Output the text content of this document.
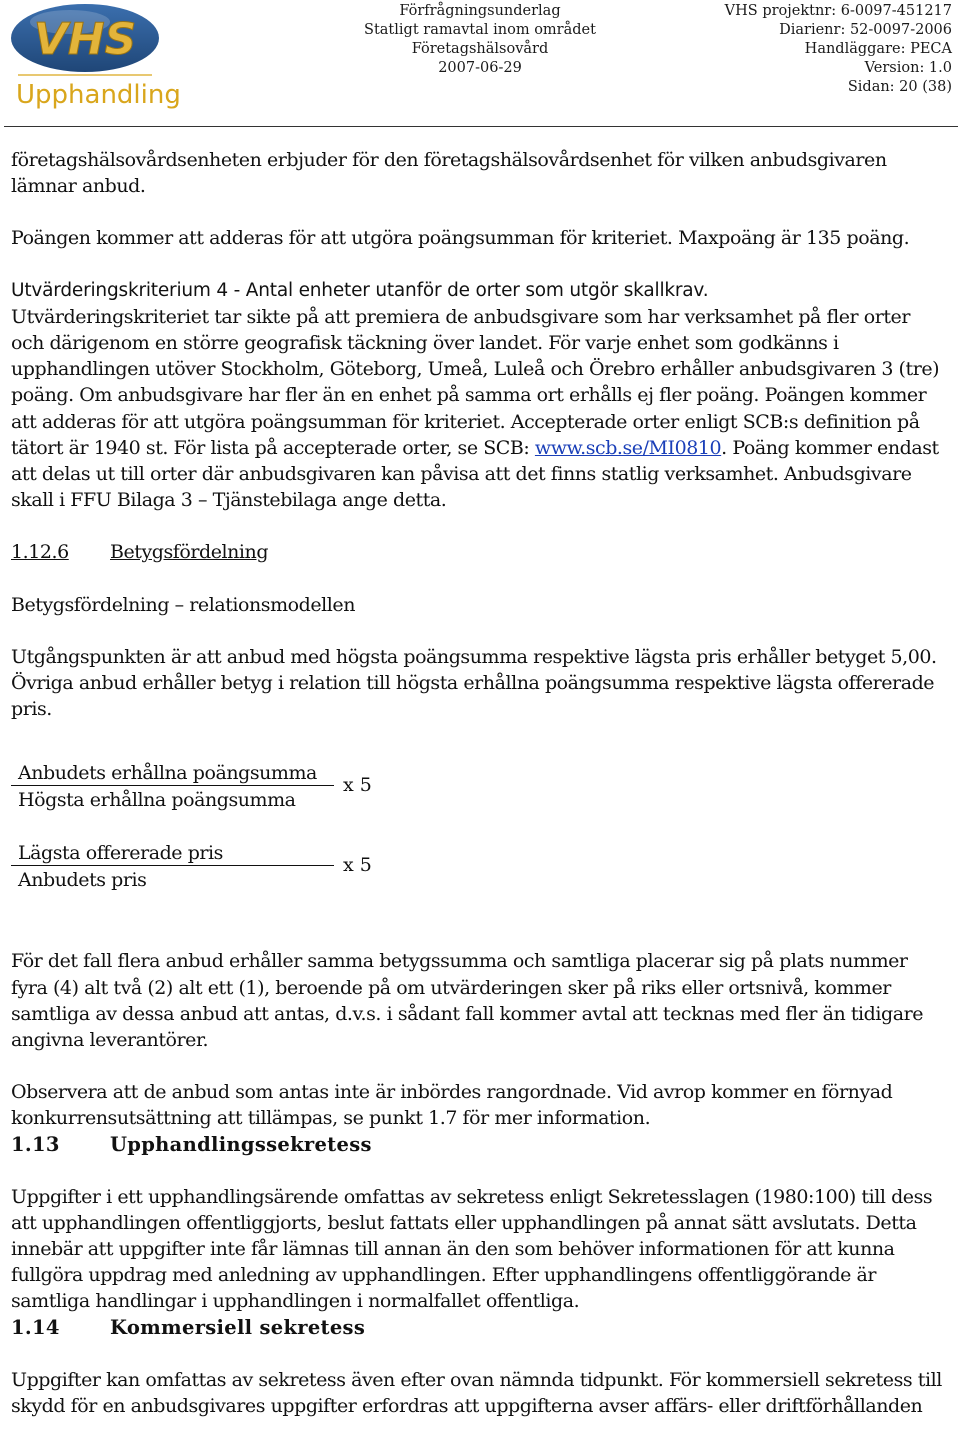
VHS
Upphandling
Förfrågningsunderlag
Statligt ramavtal inom området
Företagshälsovård
2007-06-29
VHS projektnr: 6-0097-451217
Diarienr: 52-0097-2006
Handläggare: PECA
Version: 1.0
Sidan: 20 (38)

företagshälsovårdsenheten erbjuder för den företagshälsovårdsenhet för vilken anbudsgivaren lämnar anbud.

Poängen kommer att adderas för att utgöra poängsumman för kriteriet. Maxpoäng är 135 poäng.

Utvärderingskriterium 4 - Antal enheter utanför de orter som utgör skallkrav.

Utvärderingskriteriet tar sikte på att premiera de anbudsgivare som har verksamhet på fler orter och därigenom en större geografisk täckning över landet. För varje enhet som godkänns i upphandlingen utöver Stockholm, Göteborg, Umeå, Luleå och Örebro erhåller anbudsgivaren 3 (tre) poäng. Om anbudsgivare har fler än en enhet på samma ort erhålls ej fler poäng. Poängen kommer att adderas för att utgöra poängsumman för kriteriet. Accepterade orter enligt SCB:s definition på tätort är 1940 st. För lista på accepterade orter, se SCB: www.scb.se/MI0810. Poäng kommer endast att delas ut till orter där anbudsgivaren kan påvisa att det finns statlig verksamhet. Anbudsgivare skall i FFU Bilaga 3 – Tjänstebilaga ange detta.

1.12.6 Betygsfördelning

Betygsfördelning – relationsmodellen

Utgångspunkten är att anbud med högsta poängsumma respektive lägsta pris erhåller betyget 5,00. Övriga anbud erhåller betyg i relation till högsta erhållna poängsumma respektive lägsta offererade pris.

Anbudets erhållna poängsumma
Högsta erhållna poängsumma
x 5
Lägsta offererade pris
Anbudets pris
x 5

För det fall flera anbud erhåller samma betygssumma och samtliga placerar sig på plats nummer fyra (4) alt två (2) alt ett (1), beroende på om utvärderingen sker på riks eller ortsnivå, kommer samtliga av dessa anbud att antas, d.v.s. i sådant fall kommer avtal att tecknas med fler än tidigare angivna leverantörer.

Observera att de anbud som antas inte är inbördes rangordnade. Vid avrop kommer en förnyad konkurrensutsättning att tillämpas, se punkt 1.7 för mer information.

1.13	Upphandlingssekretess

Uppgifter i ett upphandlingsärende omfattas av sekretess enligt Sekretesslagen (1980:100) till dess att upphandlingen offentliggjorts, beslut fattats eller upphandlingen på annat sätt avslutats. Detta innebär att uppgifter inte får lämnas till annan än den som behöver informationen för att kunna fullgöra uppdrag med anledning av upphandlingen. Efter upphandlingens offentliggörande är samtliga handlingar i upphandlingen i normalfallet offentliga.

1.14	Kommersiell sekretess

Uppgifter kan omfattas av sekretess även efter ovan nämnda tidpunkt. För kommersiell sekretess till skydd för en anbudsgivares uppgifter erfordras att uppgifterna avser affärs- eller driftförhållanden
